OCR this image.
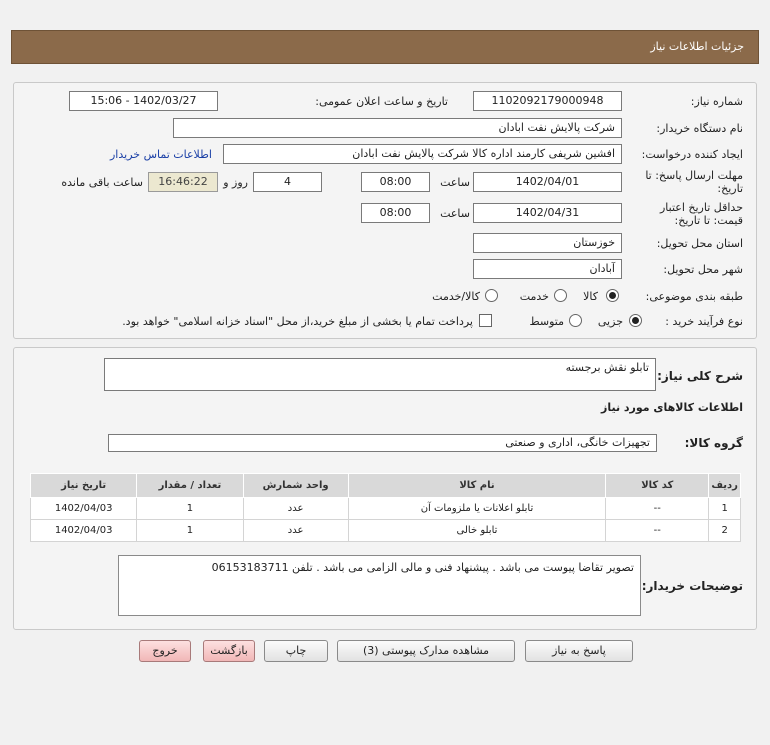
جزئیات اطلاعات نیاز
شماره نیاز:
1102092179000948
تاریخ و ساعت اعلان عمومی:
1402/03/27 - 15:06
نام دستگاه خریدار:
شرکت پالایش نفت ابادان
ایجاد کننده درخواست:
افشین شریفی کارمند اداره کالا شرکت پالایش نفت ابادان
اطلاعات تماس خریدار
مهلت ارسال پاسخ: تا
تاریخ:
1402/04/01
ساعت
08:00
4
روز و
16:46:22
ساعت باقی مانده
حداقل تاریخ اعتبار
قیمت: تا تاریخ:
1402/04/31
ساعت
08:00
استان محل تحویل:
خوزستان
شهر محل تحویل:
آبادان
طبقه بندی موضوعی:
کالا
خدمت
کالا/خدمت
نوع فرآیند خرید :
جزیی
متوسط
پرداخت تمام یا بخشی از مبلغ خرید،از محل "اسناد خزانه اسلامی" خواهد بود.
شرح کلی نیاز:
تابلو نقش برجسته
اطلاعات کالاهای مورد نیاز
گروه کالا:
تجهیزات خانگی، اداری و صنعتی
ردیف	کد کالا	نام کالا	واحد شمارش	تعداد / مقدار	تاریخ نیاز
1	--	تابلو اعلانات یا ملزومات آن	عدد	1	1402/04/03
2	--	تابلو خالی	عدد	1	1402/04/03
توضیحات خریدار:
تصویر تقاضا پیوست می باشد . پیشنهاد فنی و مالی الزامی می باشد . تلفن 06153183711
پاسخ به نیاز
مشاهده مدارک پیوستی (3)
چاپ
بازگشت
خروج
